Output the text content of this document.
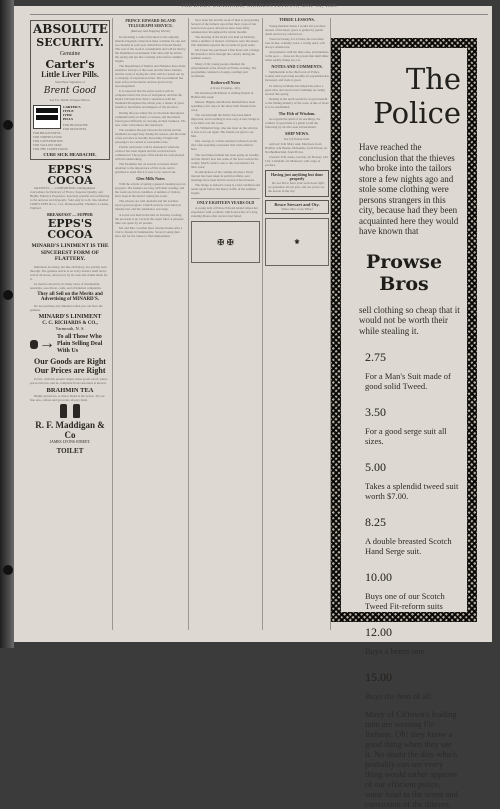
THE DAILY EXAMINER, CHARLOTTETOWN, MAY 14, 1896
ABSOLUTE
SECURITY.
Genuine
Carter's
Little Liver Pills.
Must Bear Signature of
Brent Good
See Fac-Simile Wrapper Below.
CARTER'S
ITTLE
IVER
PILLS
FOR HEADACHE.
FOR DIZZINESS.
FOR BILIOUSNESS.
FOR TORPID LIVER.
FOR CONSTIPATION.
FOR SALLOW SKIN.
FOR THE COMPLEXION
CURE SICK HEADACHE.
EPPS'S COCOA

GRATEFUL — COMFORTING. Distinguished everywhere for Delicacy of Flavor, Superior Quality, and Highly Nutritive Properties. Specially grateful and comforting to the nervous and dyspeptic. Sold only in ¼-lb. tins, labelled JAMES EPPS & Co., Ltd., Homoeopathic Chemists, London, England.

BREAKFAST — SUPPER
EPPS'S COCOA
MINARD'S LINIMENT IS THE SINCEREST FORM OF FLATTERY.

Imitations are many, but like all flattery, are quickly seen through. The genuine article is on every dealer's shelf and is sold at all stores, and proves by its cures the claims made for it.

Its merit is shown by its many cures of rheumatism, neuralgia, sore throat, colds, and all kindred complaints.

They all Sell on the Merits and Advertising of MINARD'S.

Do not purchase any imitation when you can have the genuine.

MINARD'S LINIMENT
C. C. RICHARDS & CO.,
Yarmouth, N. S.
→ To all Those Who Plain Selling Deal With Us
Our Goods are Right
Our Prices are Right

In fact, with this present output, these goods excel; where prices rule low, and no complaint from customers is known.

BRAHMIN TEA

Highly-prized tea. A choice blend at fair prices. Try our fine teas, coffees and groceries, always fresh.

R. F. Maddigan & Co
JAMES LYONS STREET.
TOILET
PRINCE EDWARD ISLAND TELEGRAPH SERVICE.
(Railway and Shipping World.)

In extending a cable from shore to the outlying islands telegraph connection must continue for one and two months in each year with Prince Edward Island. The cost of the work is considerable and will be met by the Dominion Government. The cable will be laid in the spring and put into working order before summer begins.

The Department of Marine and Fisheries have made extensive surveys of the route and the shore stations, and the work of laying the cable will be carried out by a company of experienced men. The Government has been active in the matter and has given every encouragement.

It is expected that the entire service will be complete before the close of navigation, and that the Island will then have direct connection with the mainland throughout the whole year, a matter of great benefit to merchants and shippers of the province.

During the past winter the ice blockade interrupted communication on many occasions, and merchants found great difficulty in carrying on their business. The new cable will remove this drawback.

The steamers that ply between the Island and the mainland are kept busy during the season, and the trade of the province is steadily increasing. Freight and passengers are carried at reasonable rates.

Further particulars will be announced when the contract has been signed and the work has been commenced. The people of the Island are well pleased with the undertaking.

The Examiner has on several occasions drawn attention to the importance of this work, and is gratified to learn that it is now to be carried out.

Glen Mills Notes

With the advent of spring a general cleaning up is in progress. The farmers are busy with their seeding, and the roads are in fair condition. A number of visitors have been in the district during the week.

The schools are well attended and the teachers report good progress. Church services were held on Sunday last, and the attendance was large.

A social was held in the hall on Tuesday evening, the proceeds to go towards the repair fund. A pleasant time was spent by all present.

Mr. and Mrs. Lowther have returned home after a visit to friends in Summerside. Several young men have left for the States to find employment.

have been fair and the work of men is progressing. Several of the farmers report that their crops of last season were good, and prices have been fairly remunerative throughout the winter months.

The meeting of the board was held on Monday, when a number of matters of interest were discussed. The chairman reported the accounts in good order.

Mr. Fraser has purchased a fine horse and carriage. He intends to drive through the country during the summer season.

Many of the young people attended the entertainment at the church on Friday evening. The programme consisted of songs, readings and recitations.

Rotherwell Notes
A Scene Ensuing—Very.

Mr. Robinson McKinnon is visiting friends in Halifax this week.

Messrs. Hughes and Marvin Mellish have been spending a few days at the shore with friends from town.

The road through the district has been much improved, and travelling is now easy. A new bridge is to be built over the creek.

Mr. William Irving, who has been on the sick list, is able to be out again. His friends are glad to see him.

Mrs. George A. Cairns returned to Boston on the 2nd, after spending a pleasant visit with relatives here.

The road improvement has been going on steadily, and the district now has some of the best roads in the county. Much credit is due to the road masters for their work.

In anticipation of the coming election a lively interest has been taken in political affairs, and meetings have been held in several school houses.

The bridge at Judson's creek is a bad condition and needs repair before the heavy traffic of the summer begins.

ONLY EIGHTEEN YEARS OLD

A young lady of Prince Edward Island relates her experience with a remedy which cured her of a long standing illness after doctors had failed.

✠ ✠
THREE LESSONS.

Young maidens listen, I would tell you three lessons of the heart; grace is gained by gentle deeds and not by outward art.

Trust not beauty, for it fades; the rose must lose its hue. A kindly word, a loving deed, will always remain true.

And patience with the little ones, and kindness to the poor — these are the jewels that shall shine when earthly things are o'er.

NOTES AND COMMENTS.

Summerside is the chief town of Prince County and is growing steadily. Its population has increased, and trade is good.

Its railway terminus has helped the place a great deal, and several new buildings are being erected this spring.

Dealing in the north would be of great benefit to the fishing industry of the coast. A line of boats is to be established.

The Ebb of Wisdom.

As regards the spirit of its teachings, the conduct of good men is a guide worth the following by all who seek advancement.

SHIP NEWS.
Port of Summerside.

Arrived: Schr Mary Ann, Morrison, from Halifax; schr Bessie, McKenzie, from Pictou; str Northumberland, from Pictou.

Cleared: Schr Jessie, Gordon, for Boston; schr Lily, Campbell, for Montreal, with cargo of produce.

Having just anything but done properly

Do not fail to have your work done right; we guarantee all our jobs, and our prices are the lowest in the city.

Bruce Stewart and Oty.
Water, Mar. Cove Wharf
⚜
The Police
Have reached the conclusion that the thieves who broke into the tailors store a few nights ago and stole some clothing were persons strangers in this city, because had they been acquainted here they would have known that
Prowse Bros
sell clothing so cheap that it would not be worth their while stealing it.
2.75
For a Man's Suit made of good solid Tweed.
3.50
For a good serge suit all sizes.
5.00
Takes a splendid tweed suit worth $7.00.
8.25
A double breasted Scotch Hand Serge suit.
10.00
Buys one of our Scotch Tweed Fit-reform suits
12.00
Buys a better one.
15.00
Buys the best of all.
Many of Ch'town's leading men are wearing Fit-Reform. Oh! they know a good thing when they see it. No doubt the dies which probably can see every thing would rather approve of our efficient police, some head to the arrest and conviction of the thieves.
